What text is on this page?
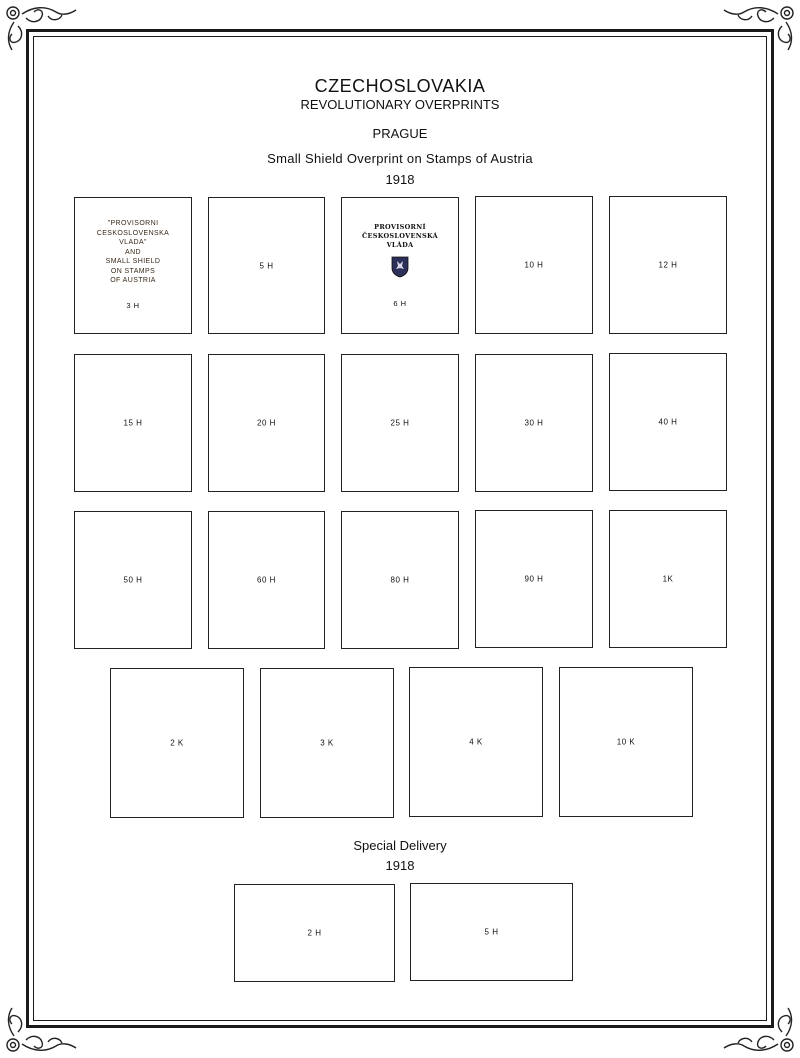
CZECHOSLOVAKIA
REVOLUTIONARY OVERPRINTS
PRAGUE
Small Shield Overprint on Stamps of Austria
1918
"PROVISORNI
CESKOSLOVENSKA
VLADA"
AND
SMALL SHIELD
ON STAMPS
OF AUSTRIA
3 H
5 H
PROVISORNÍ
ČESKOSLOVENSKÁ
VLÁDA
6 H
10 H	12 H
15 H	20 H	25 H	30 H	40 H
50 H	60 H	80 H	90 H	1K
2 K	3 K	4 K	10 K
Special Delivery
1918
2 H	5 H
